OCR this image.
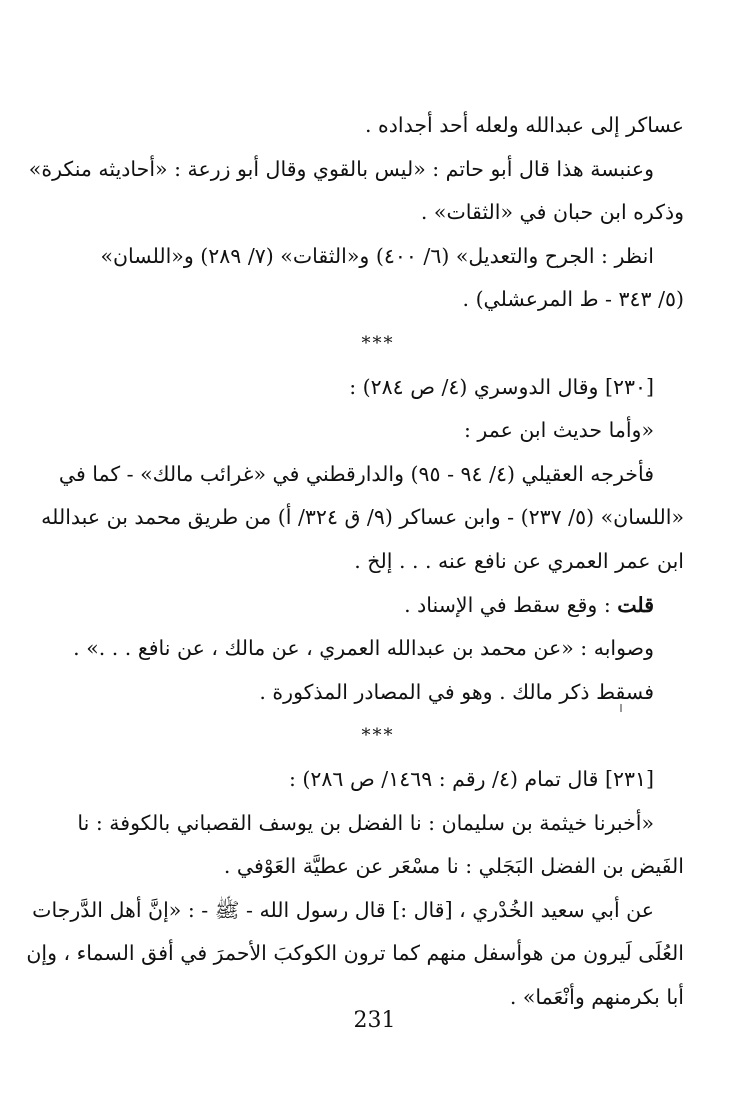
عساكر إلى عبدالله ولعله أحد أجداده .
وعنبسة هذا قال أبو حاتم : «ليس بالقوي وقال أبو زرعة : «أحاديثه منكرة»
وذكره ابن حبان في «الثقات» .
انظر : الجرح والتعديل» (٦/ ٤٠٠) و«الثقات» (٧/ ٢٨٩) و«اللسان»
(٥/ ٣٤٣ - ط المرعشلي) .
***
[٢٣٠] وقال الدوسري (٤/ ص ٢٨٤) :
«وأما حديث ابن عمر :
فأخرجه العقيلي (٤/ ٩٤ - ٩٥) والدارقطني في «غرائب مالك» - كما في
«اللسان» (٥/ ٢٣٧) - وابن عساكر (٩/ ق ٣٢٤/ أ) من طريق محمد بن عبدالله
ابن عمر العمري عن نافع عنه . . . إلخ .
قلت : وقع سقط في الإسناد .
وصوابه : «عن محمد بن عبدالله العمري ، عن مالك ، عن نافع . . .» .
فسقط ذكر مالك . وهو في المصادر المذكورة .
***
[٢٣١] قال تمام (٤/ رقم : ١٤٦٩/ ص ٢٨٦) :
«أخبرنا خيثمة بن سليمان : نا الفضل بن يوسف القصباني بالكوفة : نا
الفَيض بن الفضل البَجَلي : نا مسْعَر عن عطيَّة العَوْفي .
عن أبي سعيد الخُدْري ، [قال :] قال رسول الله - ﷺ - : «إنَّ أهل الدَّرجات
العُلَى لَيرون من هوأسفل منهم كما ترون الكوكبَ الأحمرَ في أفق السماء ، وإن
أبا بكرمنهم وأنْعَما» .
231
